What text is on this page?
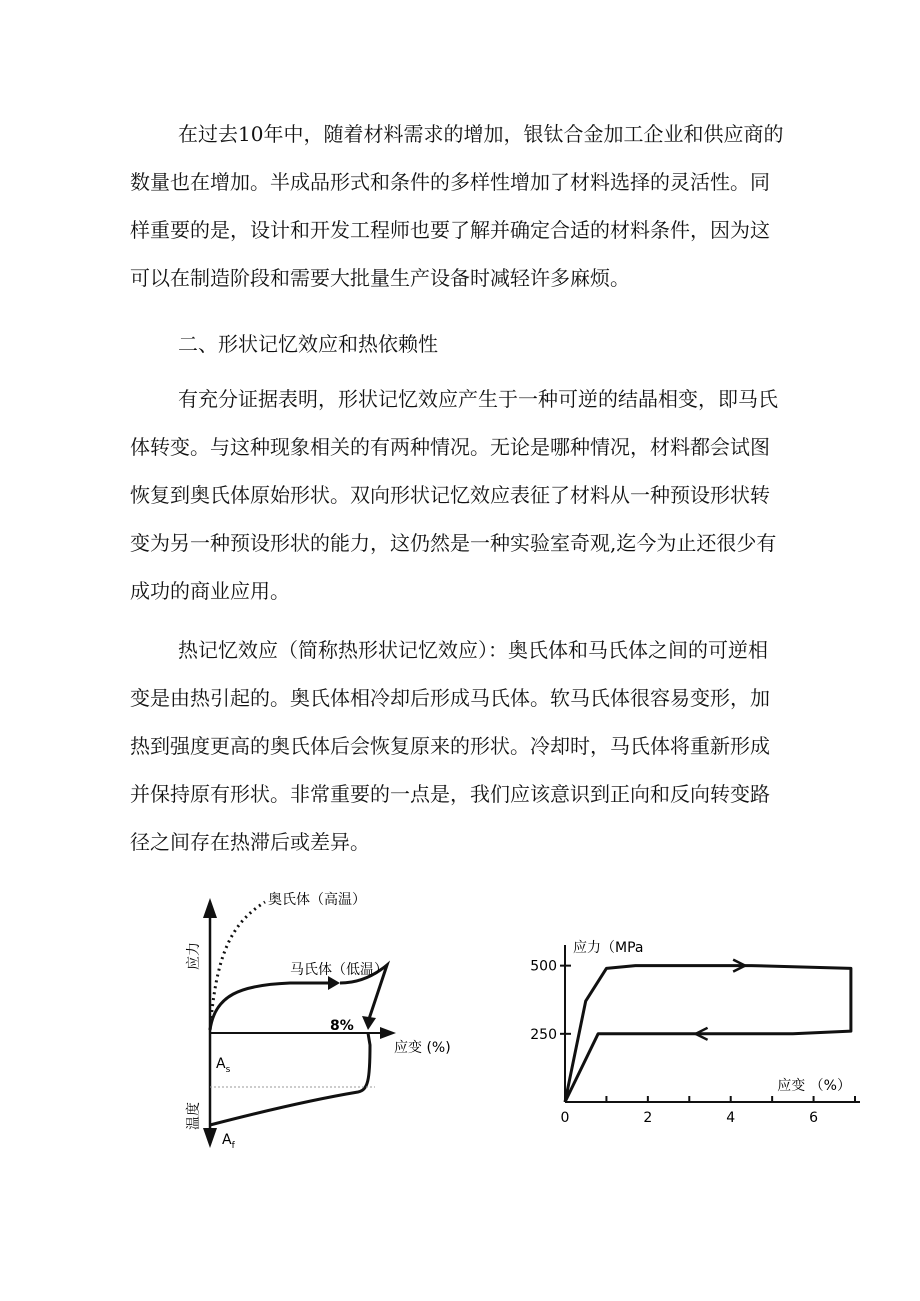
在过去10年中，随着材料需求的增加，银钛合金加工企业和供应商的
数量也在增加。半成品形式和条件的多样性增加了材料选择的灵活性。同
样重要的是，设计和开发工程师也要了解并确定合适的材料条件，因为这
可以在制造阶段和需要大批量生产设备时减轻许多麻烦。
二、形状记忆效应和热依赖性
有充分证据表明，形状记忆效应产生于一种可逆的结晶相变，即马氏
体转变。与这种现象相关的有两种情况。无论是哪种情况，材料都会试图
恢复到奥氏体原始形状。双向形状记忆效应表征了材料从一种预设形状转
变为另一种预设形状的能力，这仍然是一种实验室奇观,迄今为止还很少有
成功的商业应用。
热记忆效应（简称热形状记忆效应）：奥氏体和马氏体之间的可逆相
变是由热引起的。奥氏体相冷却后形成马氏体。软马氏体很容易变形，加
热到强度更高的奥氏体后会恢复原来的形状。冷却时，马氏体将重新形成
并保持原有形状。非常重要的一点是，我们应该意识到正向和反向转变路
径之间存在热滞后或差异。
奥氏体（高温）
马氏体（低温）
8%
应变 (%)
应力
温度
$A_s$
$A_f$
0	2	4	6
500
250
应力（MPa
应变 （%）
